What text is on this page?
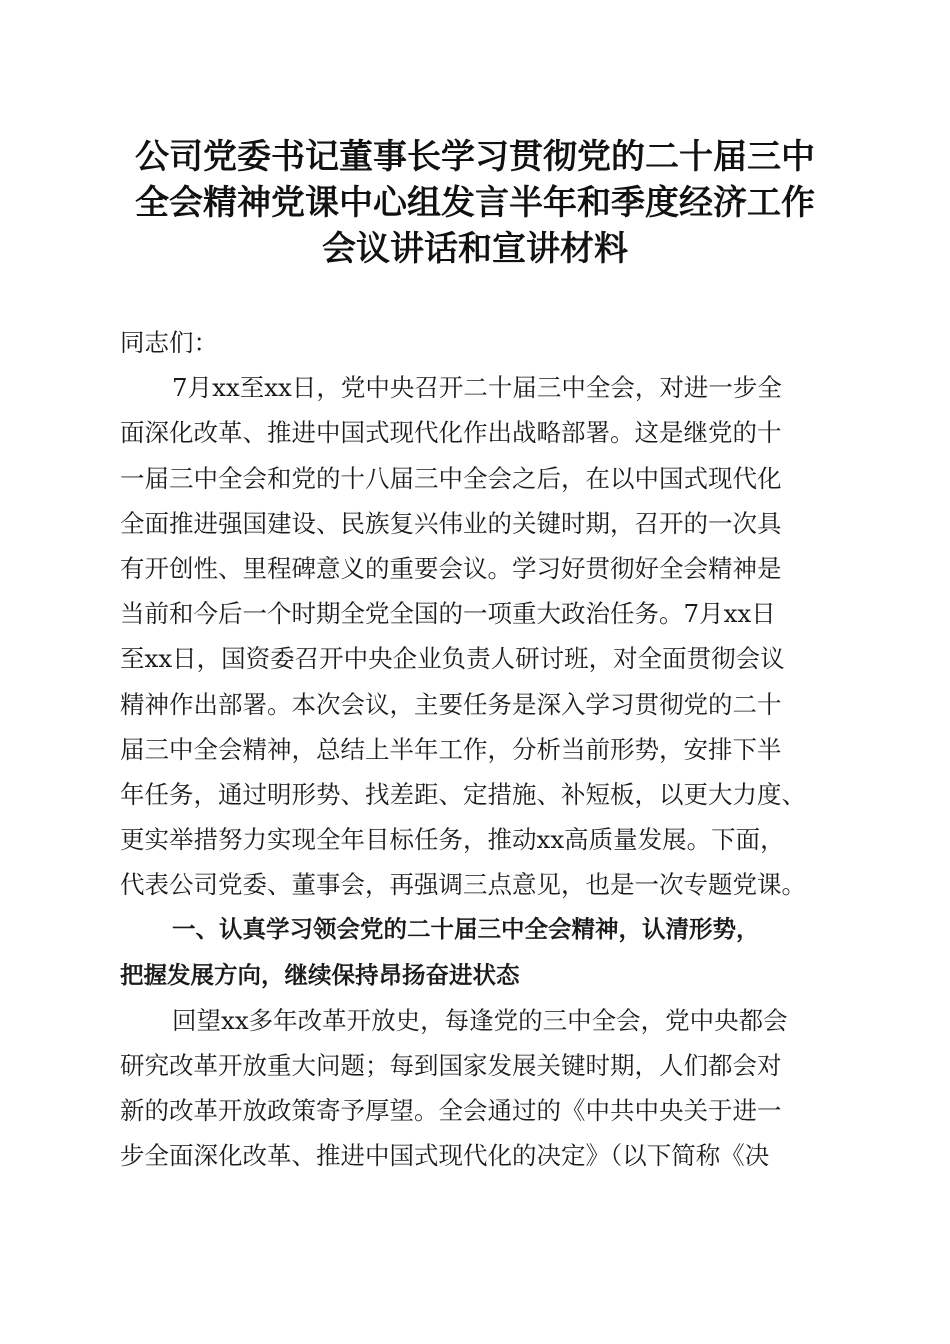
公司党委书记董事长学习贯彻党的二十届三中
全会精神党课中心组发言半年和季度经济工作
会议讲话和宣讲材料
同志们：
7月xx至xx日，党中央召开二十届三中全会，对进一步全
面深化改革、推进中国式现代化作出战略部署。这是继党的十
一届三中全会和党的十八届三中全会之后，在以中国式现代化
全面推进强国建设、民族复兴伟业的关键时期，召开的一次具
有开创性、里程碑意义的重要会议。学习好贯彻好全会精神是
当前和今后一个时期全党全国的一项重大政治任务。7月xx日
至xx日，国资委召开中央企业负责人研讨班，对全面贯彻会议
精神作出部署。本次会议，主要任务是深入学习贯彻党的二十
届三中全会精神，总结上半年工作，分析当前形势，安排下半
年任务，通过明形势、找差距、定措施、补短板，以更大力度、
更实举措努力实现全年目标任务，推动xx高质量发展。下面，
代表公司党委、董事会，再强调三点意见，也是一次专题党课。
一、认真学习领会党的二十届三中全会精神，认清形势，
把握发展方向，继续保持昂扬奋进状态
回望xx多年改革开放史，每逢党的三中全会，党中央都会
研究改革开放重大问题；每到国家发展关键时期，人们都会对
新的改革开放政策寄予厚望。全会通过的《中共中央关于进一
步全面深化改革、推进中国式现代化的决定》（以下简称《决
